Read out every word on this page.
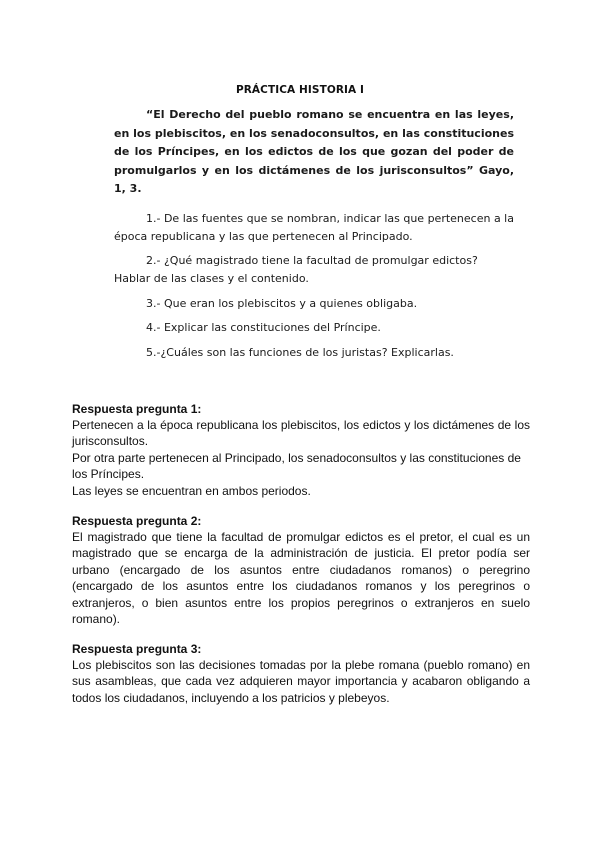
PRÁCTICA HISTORIA I
“El Derecho del pueblo romano se encuentra en las leyes, en los plebiscitos, en los senadoconsultos, en las constituciones de los Príncipes, en los edictos de los que gozan del poder de promulgarlos y en los dictámenes de los jurisconsultos” Gayo, 1, 3.
1.- De las fuentes que se nombran, indicar las que pertenecen a la época republicana y las que pertenecen al Principado.
2.- ¿Qué magistrado tiene la facultad de promulgar edictos? Hablar de las clases y el contenido.
3.- Que eran los plebiscitos y a quienes obligaba.
4.- Explicar las constituciones del Príncipe.
5.-¿Cuáles son las funciones de los juristas? Explicarlas.
Respuesta pregunta 1:
Pertenecen a la época republicana los plebiscitos, los edictos y los dictámenes de los jurisconsultos.
Por otra parte pertenecen al Principado, los senadoconsultos y las constituciones de los Príncipes.
Las leyes se encuentran en ambos periodos.
Respuesta pregunta 2:
El magistrado que tiene la facultad de promulgar edictos es el pretor, el cual es un magistrado que se encarga de la administración de justicia. El pretor podía ser urbano (encargado de los asuntos entre ciudadanos romanos) o peregrino (encargado de los asuntos entre los ciudadanos romanos y los peregrinos o extranjeros, o bien asuntos entre los propios peregrinos o extranjeros en suelo romano).
Respuesta pregunta 3:
Los plebiscitos son las decisiones tomadas por la plebe romana (pueblo romano) en sus asambleas, que cada vez adquieren mayor importancia y acabaron obligando a todos los ciudadanos, incluyendo a los patricios y plebeyos.
